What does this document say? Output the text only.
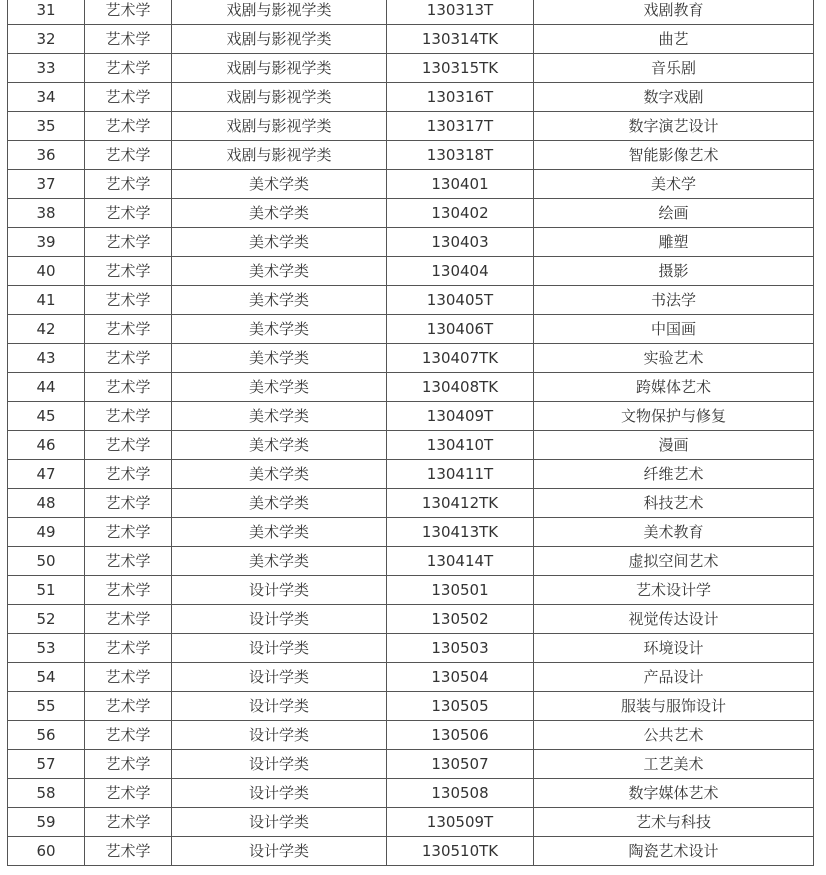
31	艺术学	戏剧与影视学类	130313T	戏剧教育
32	艺术学	戏剧与影视学类	130314TK	曲艺
33	艺术学	戏剧与影视学类	130315TK	音乐剧
34	艺术学	戏剧与影视学类	130316T	数字戏剧
35	艺术学	戏剧与影视学类	130317T	数字演艺设计
36	艺术学	戏剧与影视学类	130318T	智能影像艺术
37	艺术学	美术学类	130401	美术学
38	艺术学	美术学类	130402	绘画
39	艺术学	美术学类	130403	雕塑
40	艺术学	美术学类	130404	摄影
41	艺术学	美术学类	130405T	书法学
42	艺术学	美术学类	130406T	中国画
43	艺术学	美术学类	130407TK	实验艺术
44	艺术学	美术学类	130408TK	跨媒体艺术
45	艺术学	美术学类	130409T	文物保护与修复
46	艺术学	美术学类	130410T	漫画
47	艺术学	美术学类	130411T	纤维艺术
48	艺术学	美术学类	130412TK	科技艺术
49	艺术学	美术学类	130413TK	美术教育
50	艺术学	美术学类	130414T	虚拟空间艺术
51	艺术学	设计学类	130501	艺术设计学
52	艺术学	设计学类	130502	视觉传达设计
53	艺术学	设计学类	130503	环境设计
54	艺术学	设计学类	130504	产品设计
55	艺术学	设计学类	130505	服装与服饰设计
56	艺术学	设计学类	130506	公共艺术
57	艺术学	设计学类	130507	工艺美术
58	艺术学	设计学类	130508	数字媒体艺术
59	艺术学	设计学类	130509T	艺术与科技
60	艺术学	设计学类	130510TK	陶瓷艺术设计
